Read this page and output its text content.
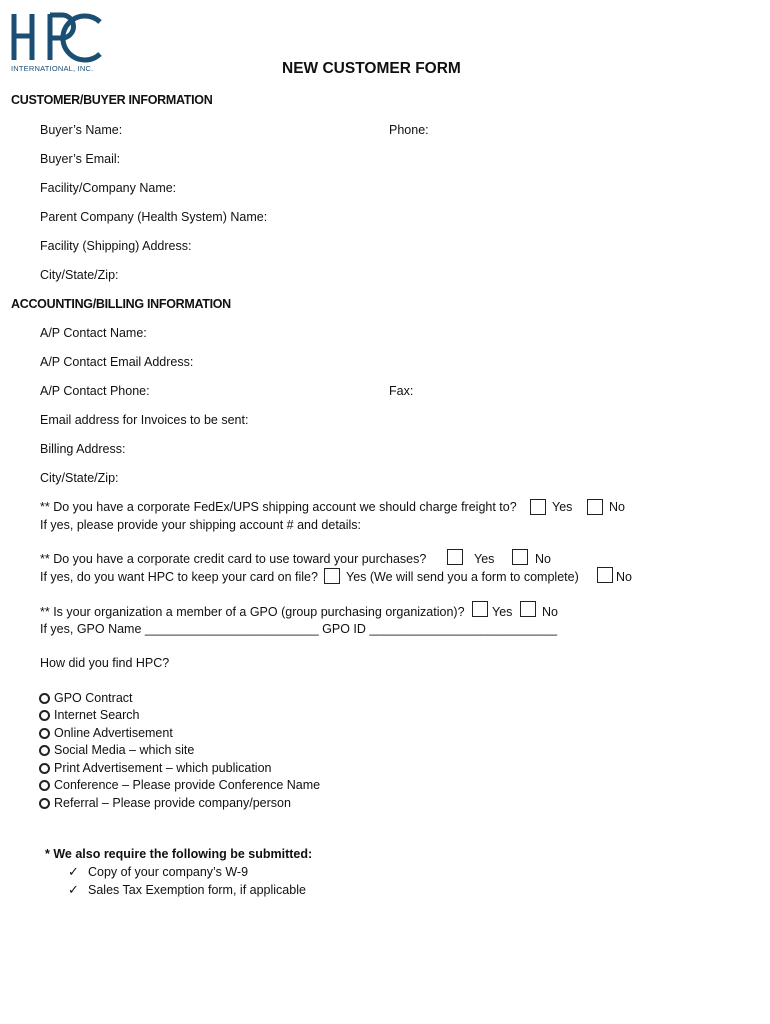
INTERNATIONAL, INC.	NEW CUSTOMER FORM
CUSTOMER/BUYER INFORMATION
Buyer’s Name:	Phone:
Buyer’s Email:
Facility/Company Name:
Parent Company (Health System) Name:
Facility (Shipping) Address:
City/State/Zip:
ACCOUNTING/BILLING INFORMATION
A/P Contact Name:
A/P Contact Email Address:
A/P Contact Phone:	Fax:
Email address for Invoices to be sent:
Billing Address:
City/State/Zip:
** Do you have a corporate FedEx/UPS shipping account we should charge freight to?	Yes	No
If yes, please provide your shipping account # and details:
** Do you have a corporate credit card to use toward your purchases?	Yes	No
If yes, do you want HPC to keep your card on file? Yes (We will send you a form to complete)	No
** Is your organization a member of a GPO (group purchasing organization)? Yes No
If yes, GPO Name _________________________ GPO ID ___________________________
How did you find HPC?
GPO Contract
Internet Search
Online Advertisement
Social Media – which site
Print Advertisement – which publication
Conference – Please provide Conference Name
Referral – Please provide company/person
* We also require the following be submitted:
✓ Copy of your company’s W-9
✓ Sales Tax Exemption form, if applicable
